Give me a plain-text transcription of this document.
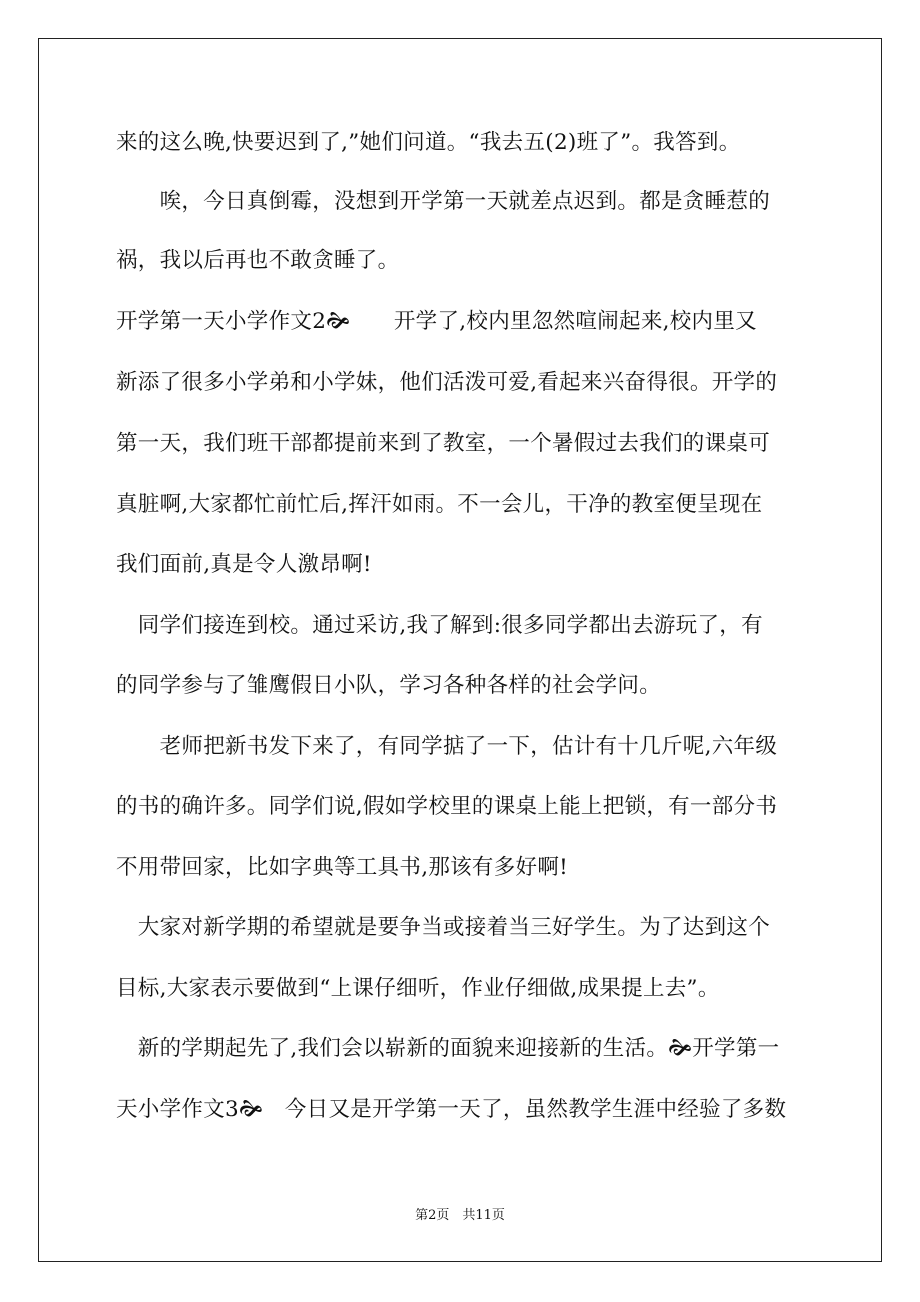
来的这么晚,快要迟到了,”她们问道。“我去五(2)班了”。我答到。
　　唉，今日真倒霉，没想到开学第一天就差点迟到。都是贪睡惹的
祸，我以后再也不敢贪睡了。
开学第一天小学作文2🙞　　开学了,校内里忽然喧闹起来,校内里又
新添了很多小学弟和小学妹，他们活泼可爱,看起来兴奋得很。开学的
第一天，我们班干部都提前来到了教室，一个暑假过去我们的课桌可
真脏啊,大家都忙前忙后,挥汗如雨。不一会儿，干净的教室便呈现在
我们面前,真是令人激昂啊!
　同学们接连到校。通过采访,我了解到:很多同学都出去游玩了，有
的同学参与了雏鹰假日小队，学习各种各样的社会学问。
　　老师把新书发下来了，有同学掂了一下，估计有十几斤呢,六年级
的书的确许多。同学们说,假如学校里的课桌上能上把锁，有一部分书
不用带回家，比如字典等工具书,那该有多好啊!
　大家对新学期的希望就是要争当或接着当三好学生。为了达到这个
目标,大家表示要做到“上课仔细听，作业仔细做,成果提上去”。
　新的学期起先了,我们会以崭新的面貌来迎接新的生活。🙞开学第一
天小学作文3🙞　今日又是开学第一天了，虽然教学生涯中经验了多数
第2页　共11页
